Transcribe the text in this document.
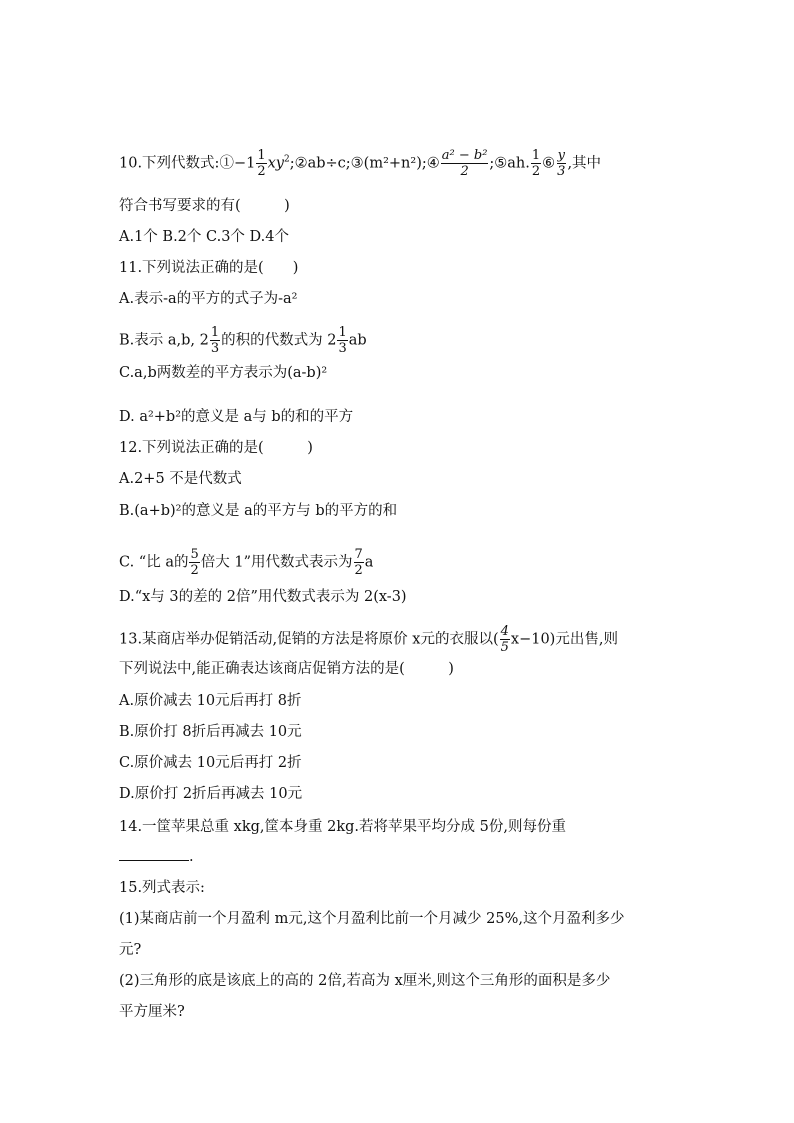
10.下列代数式:①−1 $\frac{1}{2}$ $xy^2;②ab\div c;③(m^2+n^2);④ \frac{\text{a² − b²}}{2}$ ;⑤ah. $\frac{1}{2}$ ⑥ $\frac{y}{3}$ ,其中
符合书写要求的有(　　　)
A.1个 B.2个 C.3个 D.4个
11.下列说法正确的是(　　)
A.表示-a的平方的式子为-a²
B.表示 a,b, $2 \frac{1}{3}$ 的积的代数式为 $2 \frac{1}{3}$ ab
C.a,b两数差的平方表示为(a-b)²
D. a²+b²的意义是 a与 b的和的平方
12.下列说法正确的是(　　　)
A.2+5 不是代数式
B.(a+b)²的意义是 a的平方与 b的平方的和
C. “比 a的 $\frac{5}{2}$ 倍大 1”用代数式表示为 $\frac{7}{2}$ a
D.“x与 3的差的 2倍”用代数式表示为 2(x-3)
13.某商店举办促销活动,促销的方法是将原价 x元的衣服以( $\frac{4}{5} x-10$)元出售,则
下列说法中,能正确表达该商店促销方法的是(　　　)
A.原价减去 10元后再打 8折
B.原价打 8折后再减去 10元
C.原价减去 10元后再打 2折
D.原价打 2折后再减去 10元
14.一筐苹果总重 xkg,筐本身重 2kg.若将苹果平均分成 5份,则每份重
.
15.列式表示:
(1)某商店前一个月盈利 m元,这个月盈利比前一个月减少 25%,这个月盈利多少
元?
(2)三角形的底是该底上的高的 2倍,若高为 x厘米,则这个三角形的面积是多少
平方厘米?
